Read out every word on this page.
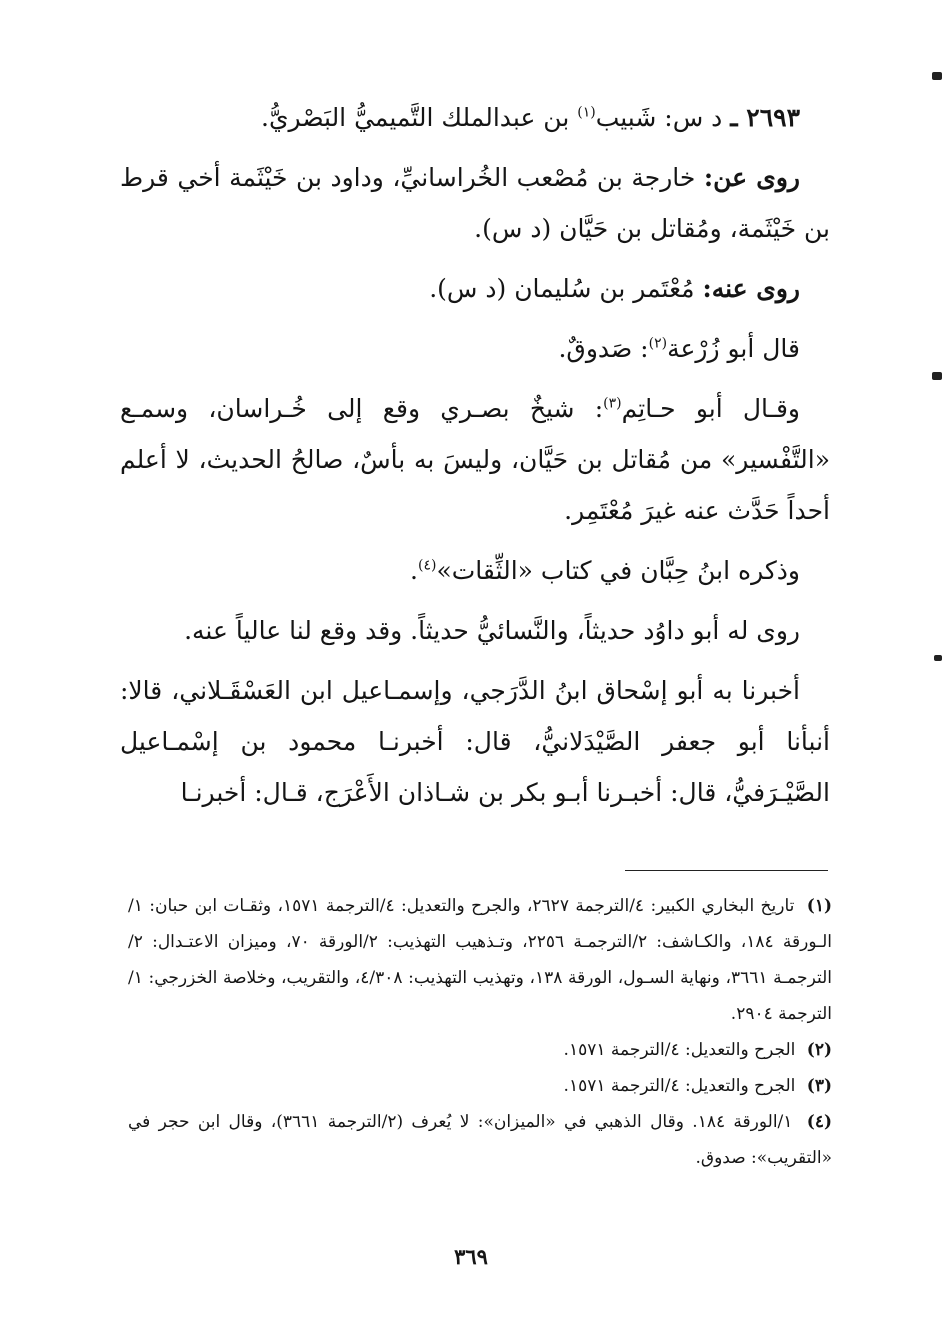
٢٦٩٣ ـ د س: شَبيب$^{(١)}$ بن عبدالملك التَّميميُّ البَصْريُّ.

روى عن: خارجة بن مُصْعب الخُراسانيِّ، وداود بن خَيْثَمة أخي قرط بن خَيْثَمة، ومُقاتل بن حَيَّان (د س).

روى عنه: مُعْتَمر بن سُليمان (د س).

قال أبو زُرْعة$^{(٢)}$: صَدوقٌ.

وقـال أبو حـاتِم$^{(٣)}$: شيخٌ بصـري وقع إلى خُـراسان، وسمـع «التَّفْسير» من مُقاتل بن حَيَّان، وليسَ به بأسٌ، صالحُ الحديث، لا أعلم أحداً حَدَّث عنه غيرَ مُعْتَمِر.

وذكره ابنُ حِبَّان في كتاب «الثِّقات»$^{(٤)}$.

روى له أبو داوُد حديثاً، والنَّسائيُّ حديثاً. وقد وقع لنا عالياً عنه.

أخبرنا به أبو إسْحاق ابنُ الدَّرَجي، وإسمـاعيل ابن العَسْقَـلاني، قالا: أنبأنا أبو جعفر الصَّيْدَلانيُّ، قال: أخبرنـا محمود بن إسْمـاعيل الصَّيْـرَفيُّ، قال: أخبـرنا أبـو بكر بن شـاذان الأَعْرَج، قـال: أخبرنـا

(١) تاريخ البخاري الكبير: ٤/الترجمة ٢٦٢٧، والجرح والتعديل: ٤/الترجمة ١٥٧١، وثقـات ابن حبان: ١/الـورقة ١٨٤، والكـاشف: ٢/الترجمـة ٢٢٥٦، وتـذهيب التهذيب: ٢/الورقة ٧٠، وميزان الاعتـدال: ٢/الترجمـة ٣٦٦١، ونهاية السـول، الورقة ١٣٨، وتهذيب التهذيب: ٤/٣٠٨، والتقريب، وخلاصة الخزرجي: ١/الترجمة ٢٩٠٤.

(٢) الجرح والتعديل: ٤/الترجمة ١٥٧١.

(٣) الجرح والتعديل: ٤/الترجمة ١٥٧١.

(٤) ١/الورقة ١٨٤. وقال الذهبي في «الميزان»: لا يُعرف (٢/الترجمة ٣٦٦١)، وقال ابن حجر في «التقريب»: صدوق.

٣٦٩
